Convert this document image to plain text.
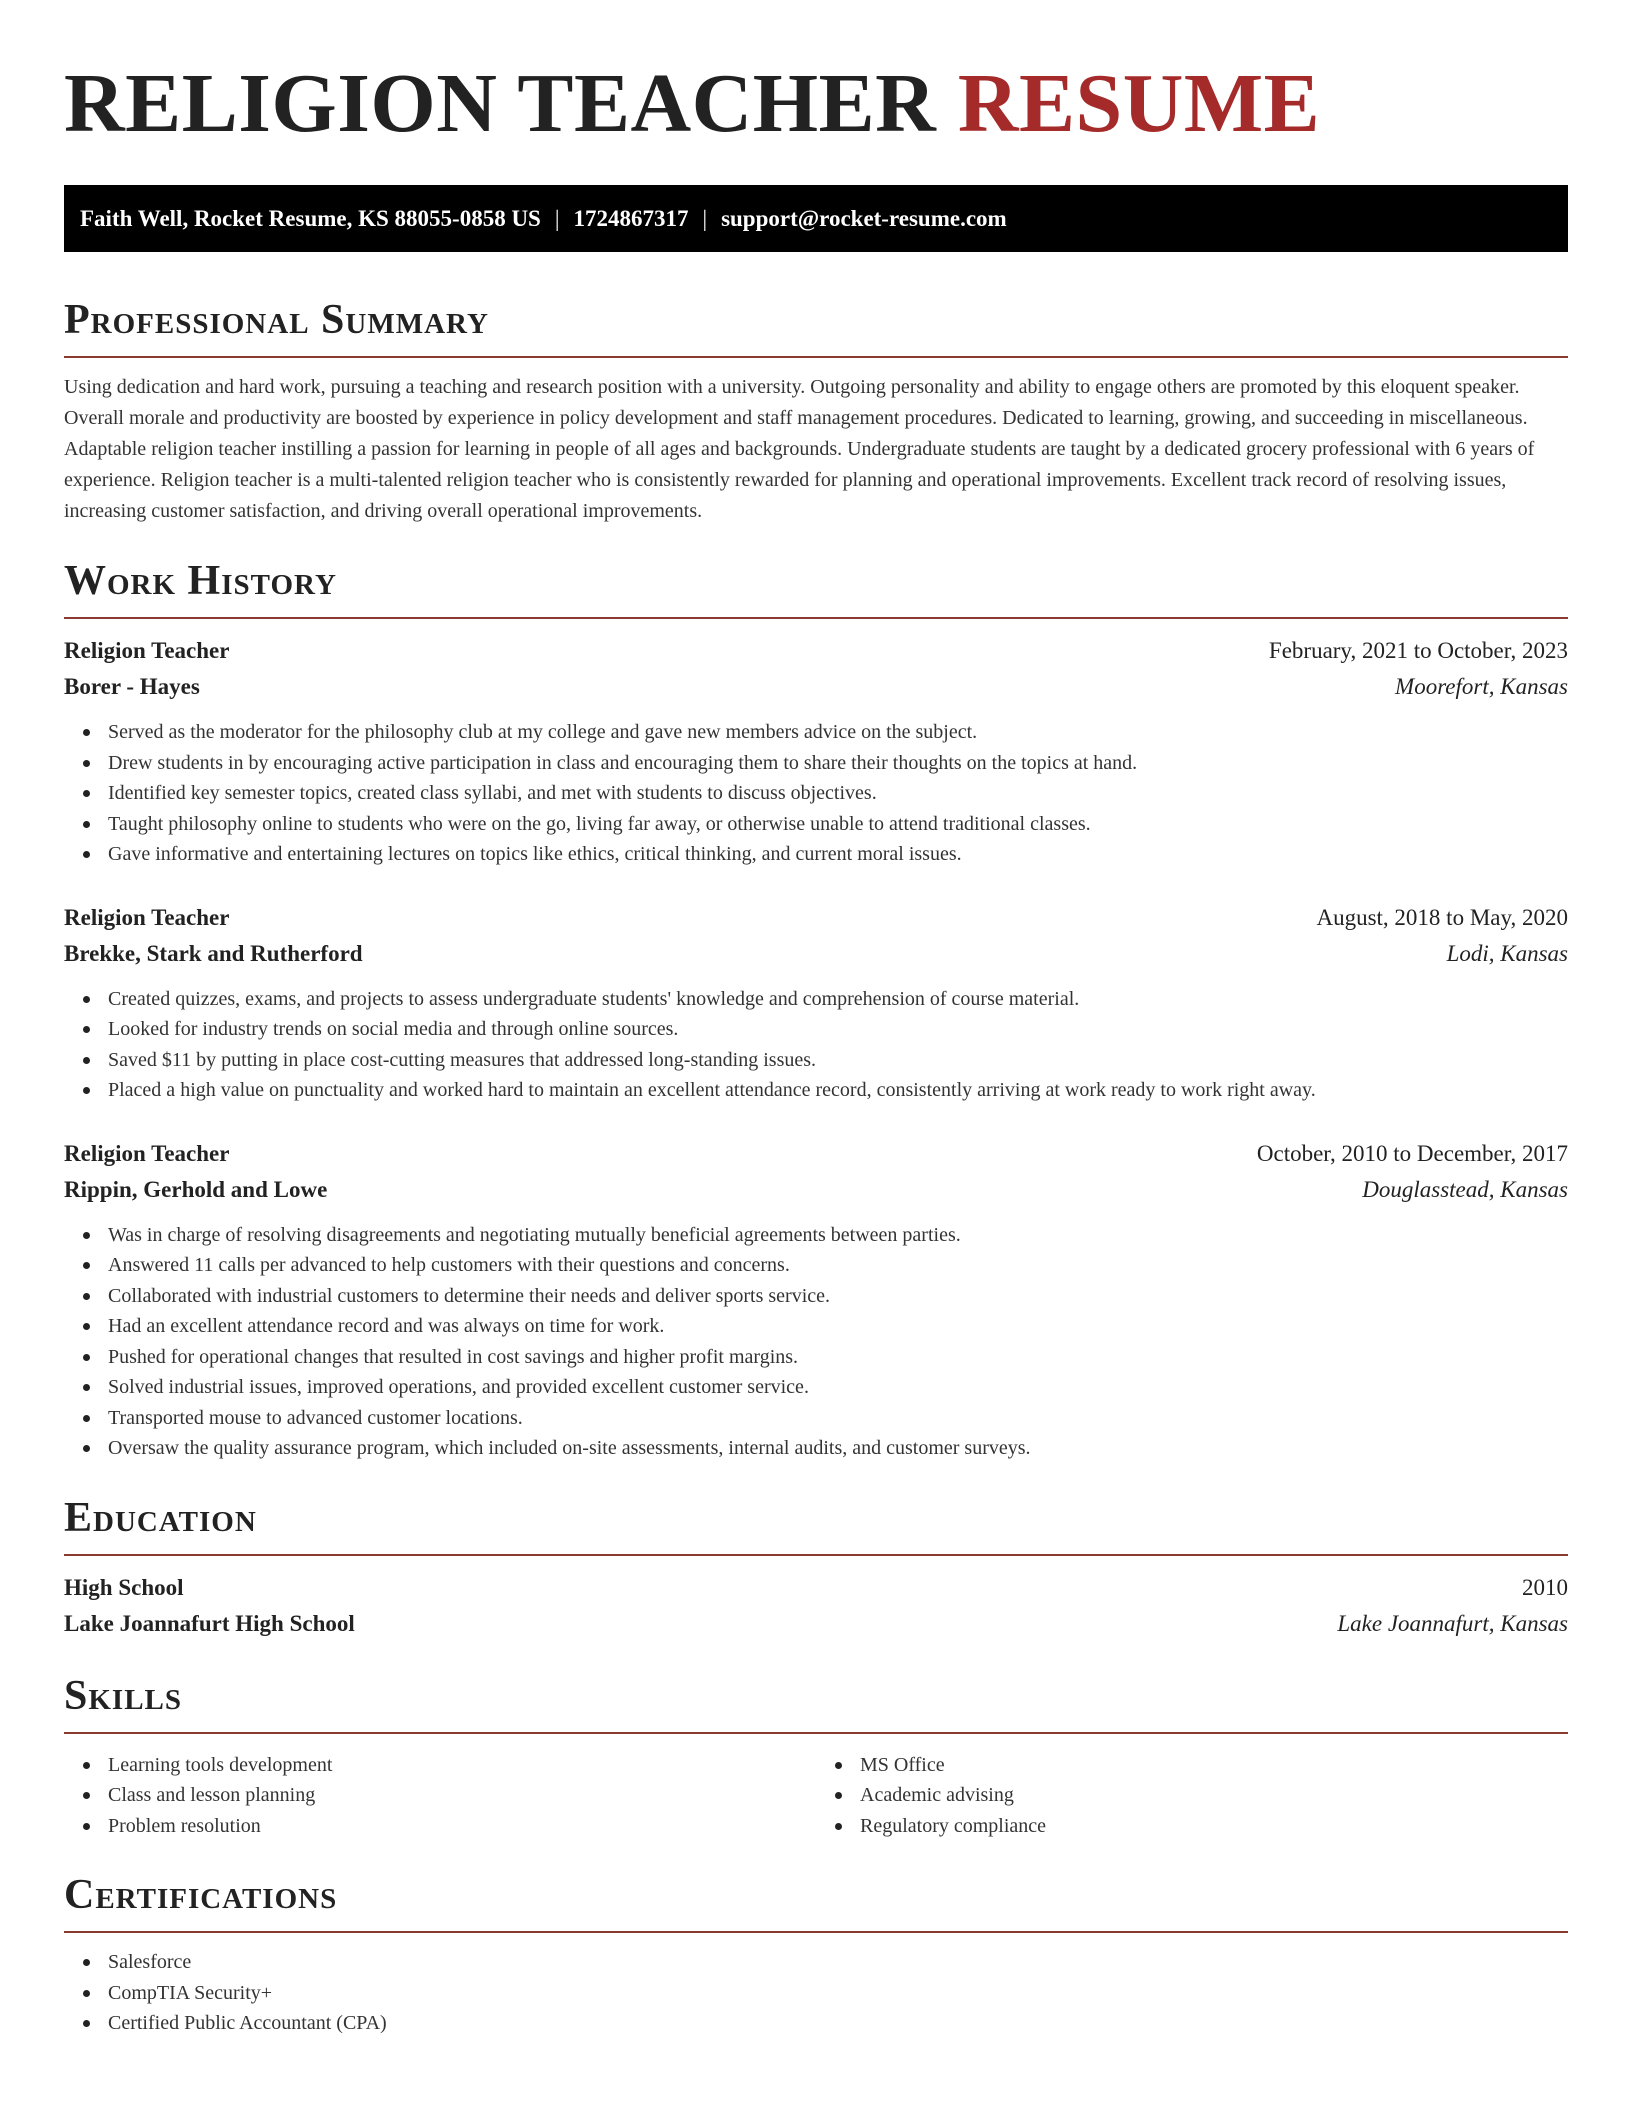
RELIGION TEACHER RESUME
Faith Well, Rocket Resume, KS 88055-0858 US | 1724867317 | support@rocket-resume.com
Professional Summary

Using dedication and hard work, pursuing a teaching and research position with a university. Outgoing personality and ability to engage others are promoted by this eloquent speaker. Overall morale and productivity are boosted by experience in policy development and staff management procedures. Dedicated to learning, growing, and succeeding in miscellaneous. Adaptable religion teacher instilling a passion for learning in people of all ages and backgrounds. Undergraduate students are taught by a dedicated grocery professional with 6 years of experience. Religion teacher is a multi-talented religion teacher who is consistently rewarded for planning and operational improvements. Excellent track record of resolving issues, increasing customer satisfaction, and driving overall operational improvements.

Work History
Religion Teacher	February, 2021 to October, 2023
Borer - Hayes	Moorefort, Kansas
Served as the moderator for the philosophy club at my college and gave new members advice on the subject.
Drew students in by encouraging active participation in class and encouraging them to share their thoughts on the topics at hand.
Identified key semester topics, created class syllabi, and met with students to discuss objectives.
Taught philosophy online to students who were on the go, living far away, or otherwise unable to attend traditional classes.
Gave informative and entertaining lectures on topics like ethics, critical thinking, and current moral issues.
Religion Teacher	August, 2018 to May, 2020
Brekke, Stark and Rutherford	Lodi, Kansas
Created quizzes, exams, and projects to assess undergraduate students' knowledge and comprehension of course material.
Looked for industry trends on social media and through online sources.
Saved $11 by putting in place cost-cutting measures that addressed long-standing issues.
Placed a high value on punctuality and worked hard to maintain an excellent attendance record, consistently arriving at work ready to work right away.
Religion Teacher	October, 2010 to December, 2017
Rippin, Gerhold and Lowe	Douglasstead, Kansas
Was in charge of resolving disagreements and negotiating mutually beneficial agreements between parties.
Answered 11 calls per advanced to help customers with their questions and concerns.
Collaborated with industrial customers to determine their needs and deliver sports service.
Had an excellent attendance record and was always on time for work.
Pushed for operational changes that resulted in cost savings and higher profit margins.
Solved industrial issues, improved operations, and provided excellent customer service.
Transported mouse to advanced customer locations.
Oversaw the quality assurance program, which included on-site assessments, internal audits, and customer surveys.
Education
High School	2010
Lake Joannafurt High School	Lake Joannafurt, Kansas
Skills
Learning tools development
Class and lesson planning
Problem resolution
MS Office
Academic advising
Regulatory compliance
Certifications
Salesforce
CompTIA Security+
Certified Public Accountant (CPA)
